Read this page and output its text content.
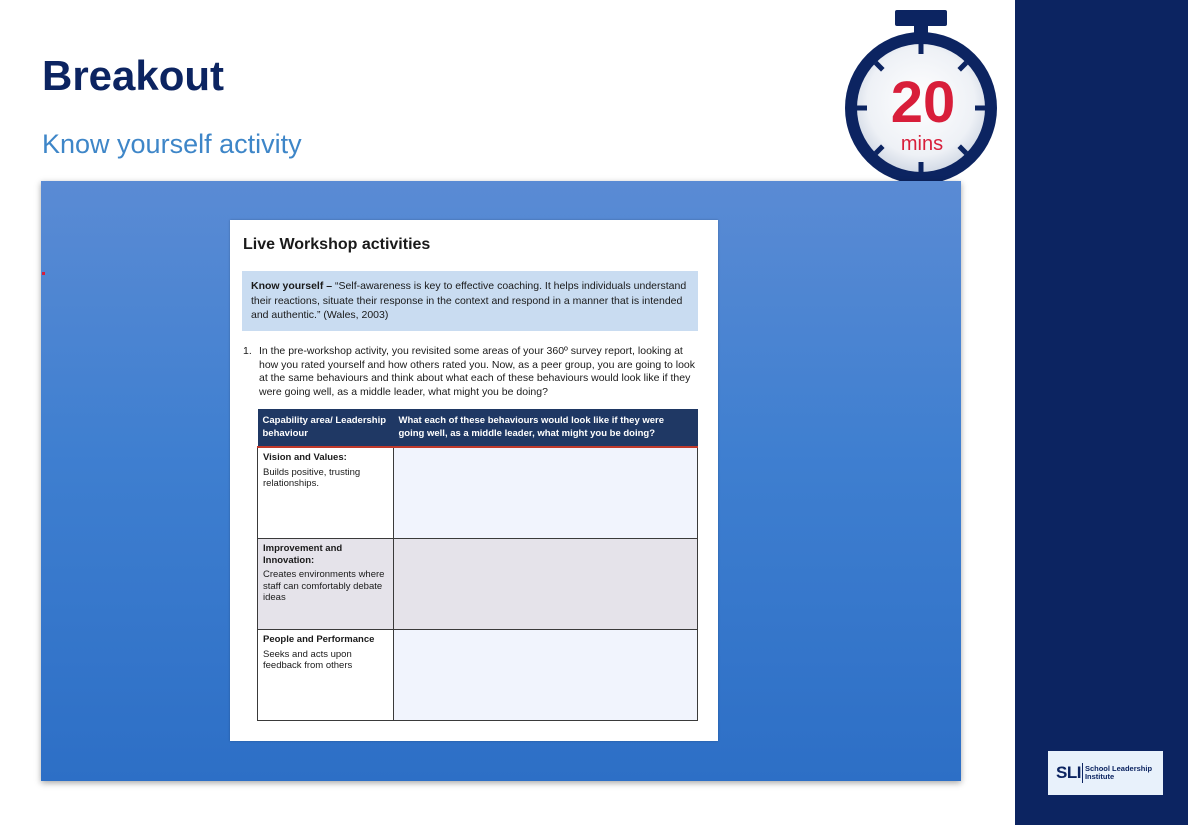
Breakout
Know yourself activity
20
mins
Live Workshop activities
Know yourself – “Self-awareness is key to effective coaching. It helps individuals understand their reactions, situate their response in the context and respond in a manner that is intended and authentic.” (Wales, 2003)
1. In the pre-workshop activity, you revisited some areas of your 360º survey report, looking at how you rated yourself and how others rated you. Now, as a peer group, you are going to look at the same behaviours and think about what each of these behaviours would look like if they were going well, as a middle leader, what might you be doing?
Capability area/ Leadership behaviour	What each of these behaviours would look like if they were going well, as a middle leader, what might you be doing?

Vision and Values:
Builds positive, trusting relationships.	

Improvement and Innovation:
Creates environments where staff can comfortably debate ideas	

People and Performance
Seeks and acts upon feedback from others	
SLI School Leadership Institute
